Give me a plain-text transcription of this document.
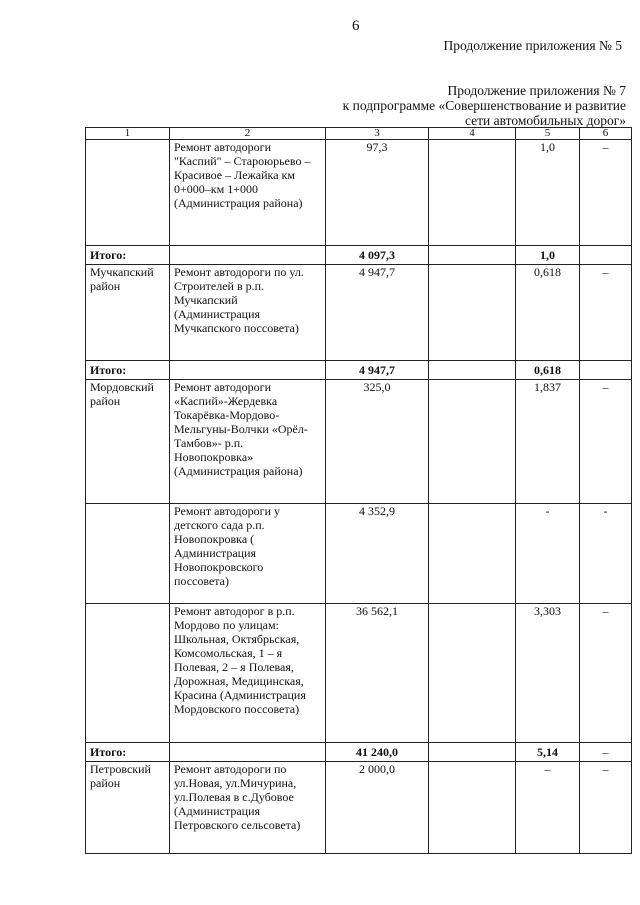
6
Продолжение приложения № 5
Продолжение приложения № 7
к подпрограмме «Совершенствование и развитие
сети автомобильных дорог»
1	2	3	4	5	6
	Ремонт автодороги "Каспий" – Староюрьево – Красивое – Лежайка км 0+000–км 1+000 (Администрация района)	97,3		1,0	–
Итого:		4 097,3		1,0	
Мучкапский район	Ремонт автодороги по ул. Строителей в р.п. Мучкапский (Администрация Мучкапского поссовета)	4 947,7		0,618	–
Итого:		4 947,7		0,618	
Мордовский район	Ремонт автодороги «Каспий»-Жердевка Токарёвка-Мордово-Мельгуны-Волчки «Орёл-Тамбов»- р.п. Новопокровка» (Администрация района)	325,0		1,837	–
	Ремонт автодороги у детского сада р.п. Новопокровка ( Администрация Новопокровского поссовета)	4 352,9		-	-
	Ремонт автодорог в р.п. Мордово по улицам: Школьная, Октябрьская, Комсомольская, 1 – я Полевая, 2 – я Полевая, Дорожная, Медицинская, Красина (Администрация Мордовского поссовета)	36 562,1		3,303	–
Итого:		41 240,0		5,14	–
Петровский район	Ремонт автодороги по ул.Новая, ул.Мичурина, ул.Полевая в с.Дубовое (Администрация Петровского сельсовета)	2 000,0		–	–
